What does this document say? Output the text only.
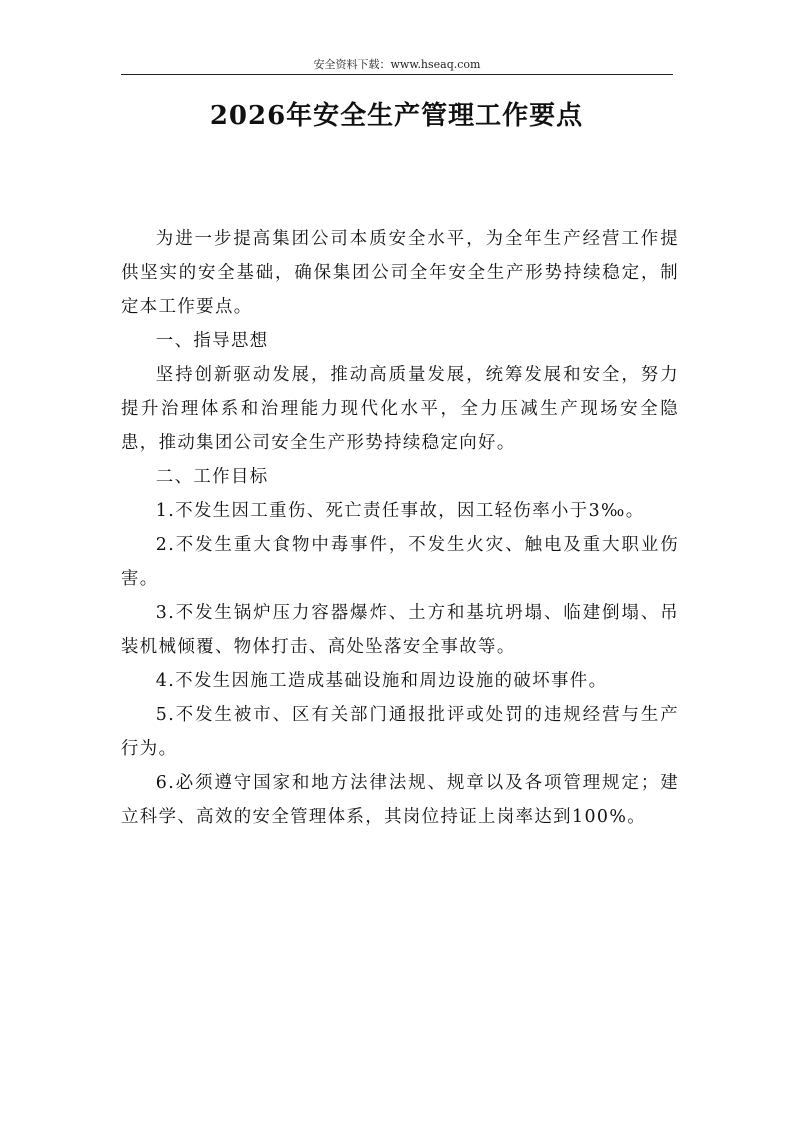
安全资料下载：www.hseaq.com
2026年安全生产管理工作要点

为进一步提高集团公司本质安全水平，为全年生产经营工作提供坚实的安全基础，确保集团公司全年安全生产形势持续稳定，制定本工作要点。

一、指导思想

坚持创新驱动发展，推动高质量发展，统筹发展和安全，努力提升治理体系和治理能力现代化水平，全力压减生产现场安全隐患，推动集团公司安全生产形势持续稳定向好。

二、工作目标

1.不发生因工重伤、死亡责任事故，因工轻伤率小于3‰。

2.不发生重大食物中毒事件，不发生火灾、触电及重大职业伤害。

3.不发生锅炉压力容器爆炸、土方和基坑坍塌、临建倒塌、吊装机械倾覆、物体打击、高处坠落安全事故等。

4.不发生因施工造成基础设施和周边设施的破坏事件。

5.不发生被市、区有关部门通报批评或处罚的违规经营与生产行为。

6.必须遵守国家和地方法律法规、规章以及各项管理规定；建立科学、高效的安全管理体系，其岗位持证上岗率达到100%。
